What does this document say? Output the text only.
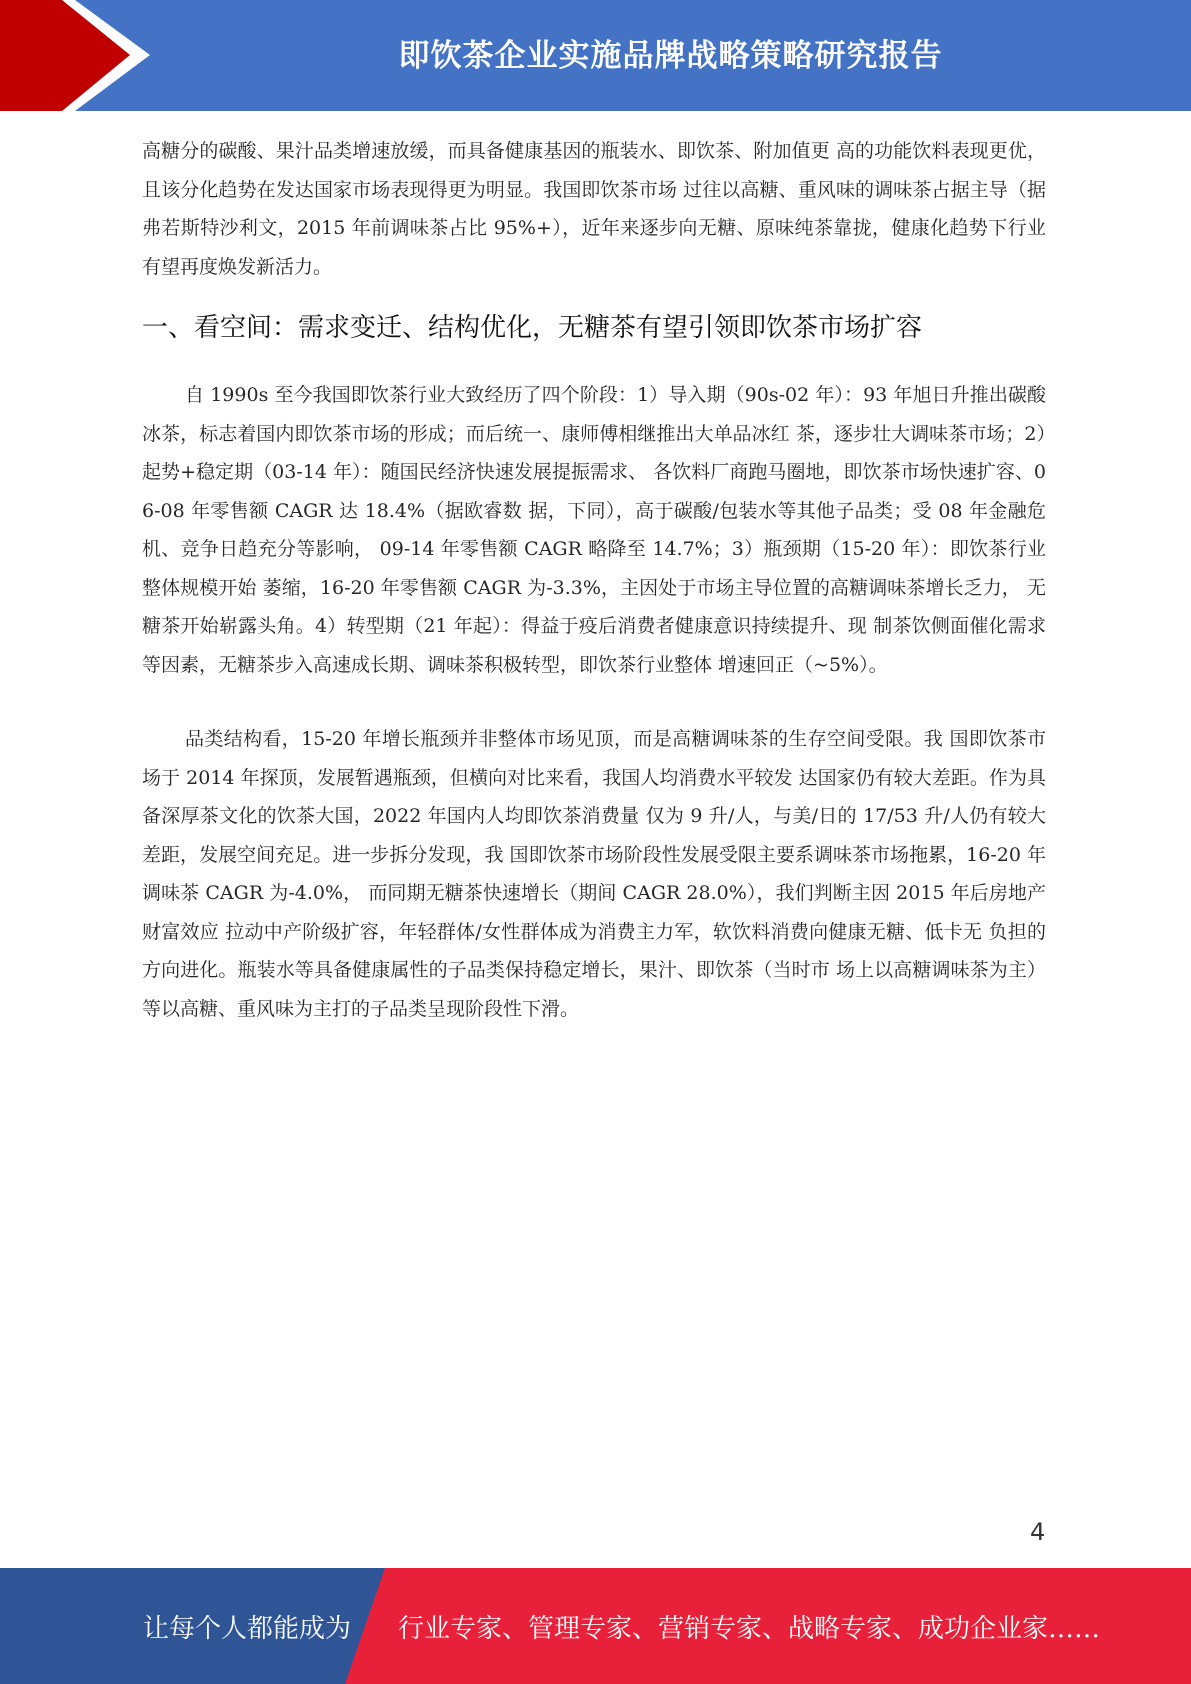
即饮茶企业实施品牌战略策略研究报告

高糖分的碳酸、果汁品类增速放缓，而具备健康基因的瓶装水、即饮茶、附加值更 高的功能饮料表现更优，且该分化趋势在发达国家市场表现得更为明显。我国即饮茶市场 过往以高糖、重风味的调味茶占据主导（据弗若斯特沙利文，2015 年前调味茶占比 95%+），近年来逐步向无糖、原味纯茶靠拢，健康化趋势下行业有望再度焕发新活力。

一、看空间：需求变迁、结构优化，无糖茶有望引领即饮茶市场扩容

自 1990s 至今我国即饮茶行业大致经历了四个阶段：1）导入期（90s-02 年）：93 年旭日升推出碳酸冰茶，标志着国内即饮茶市场的形成；而后统一、康师傅相继推出大单品冰红 茶，逐步壮大调味茶市场；2）起势+稳定期（03-14 年）：随国民经济快速发展提振需求、 各饮料厂商跑马圈地，即饮茶市场快速扩容、06-08 年零售额 CAGR 达 18.4%（据欧睿数 据，下同），高于碳酸/包装水等其他子品类；受 08 年金融危机、竞争日趋充分等影响， 09-14 年零售额 CAGR 略降至 14.7%；3）瓶颈期（15-20 年）：即饮茶行业整体规模开始 萎缩，16-20 年零售额 CAGR 为-3.3%，主因处于市场主导位置的高糖调味茶增长乏力， 无糖茶开始崭露头角。4）转型期（21 年起）：得益于疫后消费者健康意识持续提升、现 制茶饮侧面催化需求等因素，无糖茶步入高速成长期、调味茶积极转型，即饮茶行业整体 增速回正（~5%）。

品类结构看，15-20 年增长瓶颈并非整体市场见顶，而是高糖调味茶的生存空间受限。我 国即饮茶市场于 2014 年探顶，发展暂遇瓶颈，但横向对比来看，我国人均消费水平较发 达国家仍有较大差距。作为具备深厚茶文化的饮茶大国，2022 年国内人均即饮茶消费量 仅为 9 升/人，与美/日的 17/53 升/人仍有较大差距，发展空间充足。进一步拆分发现，我 国即饮茶市场阶段性发展受限主要系调味茶市场拖累，16-20 年调味茶 CAGR 为-4.0%， 而同期无糖茶快速增长（期间 CAGR 28.0%），我们判断主因 2015 年后房地产财富效应 拉动中产阶级扩容，年轻群体/女性群体成为消费主力军，软饮料消费向健康无糖、低卡无 负担的方向进化。瓶装水等具备健康属性的子品类保持稳定增长，果汁、即饮茶（当时市 场上以高糖调味茶为主）等以高糖、重风味为主打的子品类呈现阶段性下滑。

4
让每个人都能成为 行业专家、管理专家、营销专家、战略专家、成功企业家……
